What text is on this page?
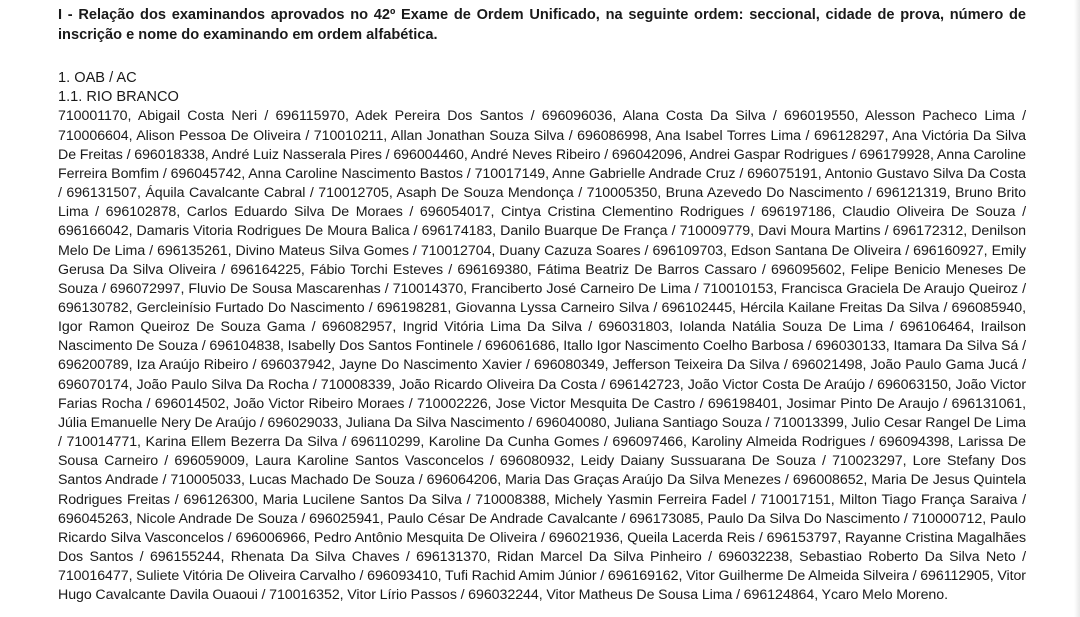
I - Relação dos examinandos aprovados no 42º Exame de Ordem Unificado, na seguinte ordem: seccional, cidade de prova, número de inscrição e nome do examinando em ordem alfabética.

1. OAB / AC

1.1. RIO BRANCO

710001170, Abigail Costa Neri / 696115970, Adek Pereira Dos Santos / 696096036, Alana Costa Da Silva / 696019550, Alesson Pacheco Lima / 710006604, Alison Pessoa De Oliveira / 710010211, Allan Jonathan Souza Silva / 696086998, Ana Isabel Torres Lima / 696128297, Ana Victória Da Silva De Freitas / 696018338, André Luiz Nasserala Pires / 696004460, André Neves Ribeiro / 696042096, Andrei Gaspar Rodrigues / 696179928, Anna Caroline Ferreira Bomfim / 696045742, Anna Caroline Nascimento Bastos / 710017149, Anne Gabrielle Andrade Cruz / 696075191, Antonio Gustavo Silva Da Costa / 696131507, Áquila Cavalcante Cabral / 710012705, Asaph De Souza Mendonça / 710005350, Bruna Azevedo Do Nascimento / 696121319, Bruno Brito Lima / 696102878, Carlos Eduardo Silva De Moraes / 696054017, Cintya Cristina Clementino Rodrigues / 696197186, Claudio Oliveira De Souza / 696166042, Damaris Vitoria Rodrigues De Moura Balica / 696174183, Danilo Buarque De França / 710009779, Davi Moura Martins / 696172312, Denilson Melo De Lima / 696135261, Divino Mateus Silva Gomes / 710012704, Duany Cazuza Soares / 696109703, Edson Santana De Oliveira / 696160927, Emily Gerusa Da Silva Oliveira / 696164225, Fábio Torchi Esteves / 696169380, Fátima Beatriz De Barros Cassaro / 696095602, Felipe Benicio Meneses De Souza / 696072997, Fluvio De Sousa Mascarenhas / 710014370, Franciberto José Carneiro De Lima / 710010153, Francisca Graciela De Araujo Queiroz / 696130782, Gercleinísio Furtado Do Nascimento / 696198281, Giovanna Lyssa Carneiro Silva / 696102445, Hércila Kailane Freitas Da Silva / 696085940, Igor Ramon Queiroz De Souza Gama / 696082957, Ingrid Vitória Lima Da Silva / 696031803, Iolanda Natália Souza De Lima / 696106464, Irailson Nascimento De Souza / 696104838, Isabelly Dos Santos Fontinele / 696061686, Itallo Igor Nascimento Coelho Barbosa / 696030133, Itamara Da Silva Sá / 696200789, Iza Araújo Ribeiro / 696037942, Jayne Do Nascimento Xavier / 696080349, Jefferson Teixeira Da Silva / 696021498, João Paulo Gama Jucá / 696070174, João Paulo Silva Da Rocha / 710008339, João Ricardo Oliveira Da Costa / 696142723, João Victor Costa De Araújo / 696063150, João Victor Farias Rocha / 696014502, João Victor Ribeiro Moraes / 710002226, Jose Victor Mesquita De Castro / 696198401, Josimar Pinto De Araujo / 696131061, Júlia Emanuelle Nery De Araújo / 696029033, Juliana Da Silva Nascimento / 696040080, Juliana Santiago Souza / 710013399, Julio Cesar Rangel De Lima / 710014771, Karina Ellem Bezerra Da Silva / 696110299, Karoline Da Cunha Gomes / 696097466, Karoliny Almeida Rodrigues / 696094398, Larissa De Sousa Carneiro / 696059009, Laura Karoline Santos Vasconcelos / 696080932, Leidy Daiany Sussuarana De Souza / 710023297, Lore Stefany Dos Santos Andrade / 710005033, Lucas Machado De Souza / 696064206, Maria Das Graças Araújo Da Silva Menezes / 696008652, Maria De Jesus Quintela Rodrigues Freitas / 696126300, Maria Lucilene Santos Da Silva / 710008388, Michely Yasmin Ferreira Fadel / 710017151, Milton Tiago França Saraiva / 696045263, Nicole Andrade De Souza / 696025941, Paulo César De Andrade Cavalcante / 696173085, Paulo Da Silva Do Nascimento / 710000712, Paulo Ricardo Silva Vasconcelos / 696006966, Pedro Antônio Mesquita De Oliveira / 696021936, Queila Lacerda Reis / 696153797, Rayanne Cristina Magalhães Dos Santos / 696155244, Rhenata Da Silva Chaves / 696131370, Ridan Marcel Da Silva Pinheiro / 696032238, Sebastiao Roberto Da Silva Neto / 710016477, Suliete Vitória De Oliveira Carvalho / 696093410, Tufi Rachid Amim Júnior / 696169162, Vitor Guilherme De Almeida Silveira / 696112905, Vitor Hugo Cavalcante Davila Ouaoui / 710016352, Vitor Lírio Passos / 696032244, Vitor Matheus De Sousa Lima / 696124864, Ycaro Melo Moreno.
